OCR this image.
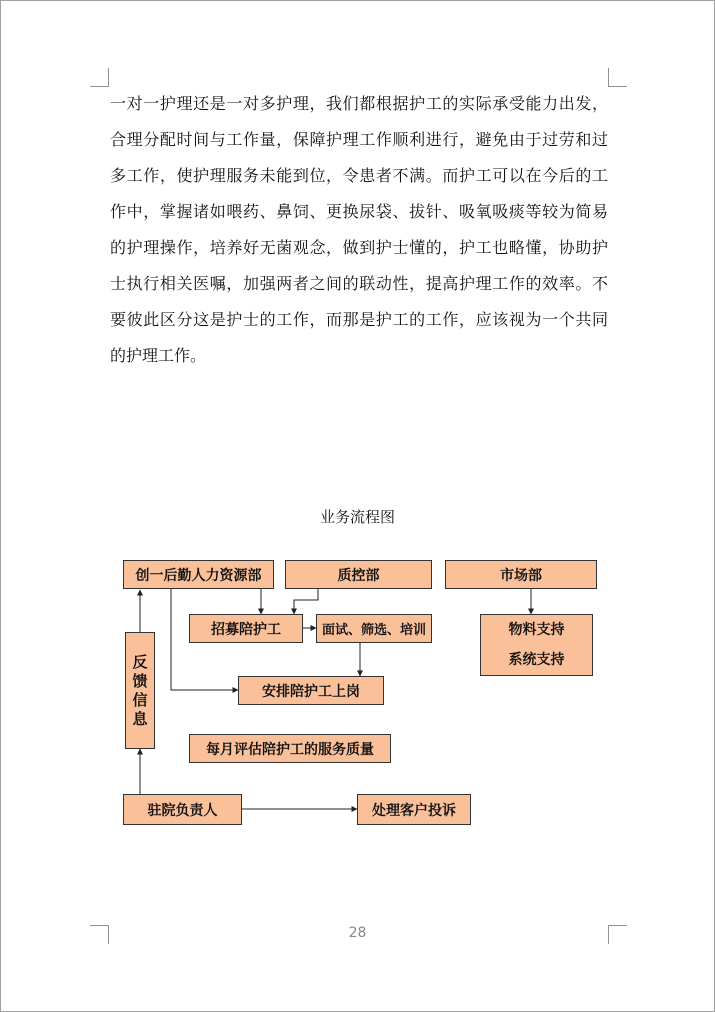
一对一护理还是一对多护理，我们都根据护工的实际承受能力出发，
合理分配时间与工作量，保障护理工作顺利进行，避免由于过劳和过
多工作，使护理服务未能到位，令患者不满。而护工可以在今后的工
作中，掌握诸如喂药、鼻饲、更换尿袋、拔针、吸氧吸痰等较为简易
的护理操作，培养好无菌观念，做到护士懂的，护工也略懂，协助护
士执行相关医嘱，加强两者之间的联动性，提高护理工作的效率。不
要彼此区分这是护士的工作，而那是护工的工作，应该视为一个共同
的护理工作。
业务流程图
创一后勤人力资源部	质控部	市场部
招募陪护工	面试、筛选、培训	物料支持
系统支持
反
馈
信
息
安排陪护工上岗
每月评估陪护工的服务质量
驻院负责人	处理客户投诉
28
